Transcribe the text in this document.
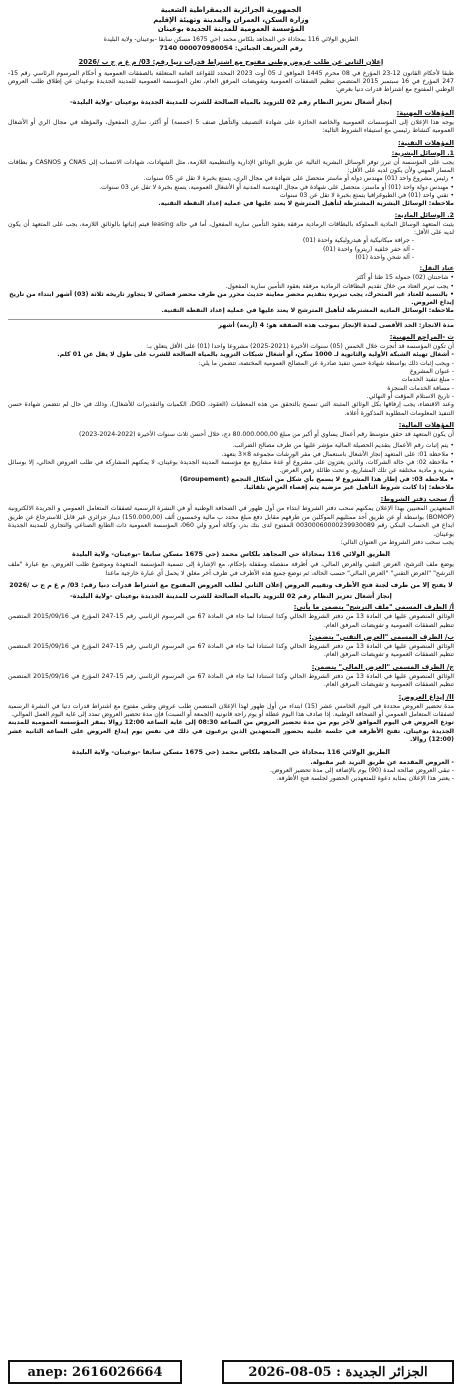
الجمهورية الجزائرية الديمقراطية الشعبية
وزارة السكن، العمران والمدينة وتهيئة الإقليم
المؤسسة العمومية للمدينة الجديدة بوعينان
الطريق الولائي 116 بمحاذاة حي المجاهد بلكاس محمد (حي 1675 مسكن سابقا -بوعينان- ولاية البليدة
رقم التعريف الجبائي: 000070980054 7140
إعلان الثاني عن طلب عروض وطني مفتوح مع اشتراط قدرات دنيا رقم: 03/ م ع م ج ب /2026

طبقا لأحكام القانون 12-23 المؤرخ في 08 محرم 1445 الموافق لـ 05 أوت 2023 المحدد للقواعد العامة المتعلقة بالصفقات العمومية و أحكام المرسوم الرئاسي رقم 15-247 المؤرخ في 16 سبتمبر 2015 المتضمن تنظيم الصفقات العمومية وتفويضات المرفق العام، تعلن المؤسسة العمومية للمدينة الجديدة بوعينان عن إطلاق طلب العروض الوطني المفتوح مع اشتراط قدرات دنيا بغرض:

إنجاز أشغال تعزيز النظام رقم 02 للتزويد بالمياه الصالحة للشرب للمدينة الجديدة بوعينان -ولاية البليدة-
المؤهلات المهنية:

يوجه هذا الإعلان إلى المؤسسات العمومية والخاصة الحائزة على شهادة التصنيف والتأهيل صنف 5 (خمسة) أو أكثر، ساري المفعول، والمؤهلة في مجال الري أو الأشغال العمومية كنشاط رئيسي مع استيفاء الشروط التالية:

المؤهلات التقنية:
1. الوسائل البشرية:

يجب على المؤسسة أن تبرر توفر الوسائل البشرية التالية عن طريق الوثائق الإدارية والتنظيمية اللازمة، مثل الشهادات، شهادات الانتساب إلى CNAS و CASNOS و بطاقات المسار المهني ولأن يكون لديه على الأقل:

• رئيس مشروع واحد (01) مهندس دولة أو ماستر متحصل على شهادة في مجال الري، يتمتع بخبرة لا تقل عن 05 سنوات.

• مهندس دولة واحد (01) أو ماستر، متحصل على شهادة في مجال الهندسة المدنية أو الأشغال العمومية، يتمتع بخبرة لا تقل عن 03 سنوات.

• تقني واحد (01) في الطبوغرافيا يتمتع بخبرة لا تقل عن 03 سنوات

ملاحظة: الوسائل البشرية المشترطة لتأهيل المترشح لا يعتد عليها في عملية إعداد النقطة التقنية.

2. الوسائل المادية:

يثبت المتعهد الوسائل المادية المملوكة بالبطاقات الرمادية مرفقة بعقود التأمين سارية المفعول، أما في حالة leasing فيتم إثباتها بالوثائق اللازمة، يجب على المتعهد أن يكون لديه على الأقل:

- جرافة ميكانيكية أو هيدروليكية واحدة (01)

- آلة حفر خلفية (ريترو) واحدة (01)

- آلة شحن واحدة (01)

عتاد النقل:

• شاحنتان (02) حمولة 15 طنا أو أكثر

• يجب تبرير العتاد من خلال تقديم البطاقات الرمادية مرفقة بعقود التأمين سارية المفعول.

• بالنسبة للعتاد غير المتحرك، يجب تبريره بتقديم محضر معاينة حديث محرر من طرف محضر قضائي لا يتجاوز تاريخه ثلاثة (03) أشهر ابتداء من تاريخ إيداع العروض.

ملاحظة: الوسائل المادية المشترطة لتأهيل المترشح لا يعتد عليها في عملية إعداد النقطة التقنية.

مدة الانجاز: الحد الأقصى لمدة الإنجاز بموجب هذه الصفقة هو: 4 (أربعة) أشهر

ث -المراجع المهنية:

أن تكون المؤسسة قد أنجزت خلال الخمس (05) سنوات الأخيرة (2021-2025) مشروعا واحدا (01) على الأقل يتعلق بـ:

- أشغال تهيئة الشبكة الأولية والثانوية لـ 1000 سكن، أو أشغال شبكات التزويد بالمياه الصالحة للشرب على طول لا يقل عن 01 كلم.

- ويجب إثبات ذلك بواسطة شهادة حسن تنفيذ صادرة عن المصالح العمومية المختصة، تتضمن ما يلي:

- عنوان المشروع

- مبلغ تنفيذ الخدمات

- مسافة الخدمات المنجزة

- تاريخ الاستلام المؤقت أو النهائي.

وعند الاقتضاء، يجب إرفاقها بكل الوثائق المثبتة التي تسمح بالتحقق من هذه المعطيات (العقود، DGD، الكميات والتقديرات للأشغال)، وذلك في حال لم تتضمن شهادة حسن التنفيذ المعلومات المطلوبة المذكورة أعلاه.

المؤهلات المالية:

أن يكون المتعهد قد حقق متوسط رقم أعمال يساوي أو أكبر من مبلغ 80.000.000,00 دج، خلال أحسن ثلاث سنوات الأخيرة (2022-2024-2023)

• يتم إثبات رقم الأعمال بتقديم الحصيلة المالية مؤشر عليها من طرف مصالح الضرائب.

• ملاحظة 01: على المتعهد إنجاز الأشغال باستعمال في مقر الورشات مجموعة 8×3 بتعهد.

• ملاحظة 02: في حالة الشركات، والذين يعتزون على مشروع أو عدة مشاريع مع مؤسسة المدينة الجديدة بوعينان، لا يمكنهم المشاركة في طلب العروض الحالي، إلا بوسائل بشرية و مادية مختلفة عن تلك المشاريع، و تحت طائلة رفض العرض.

• ملاحظة 03: في إطار هذا المشروع لا يسمح بأي شكل من أشكال التجمع (Groupement)

ملاحظة: إذا كانت شروط التأهيل غير مرضية يتم إقصاء العرض تلقائيا.

أ/ سحب دفتر الشروط:

المتعهدين المعنيين بهذا الإعلان يمكنهم سحب دفتر الشروط ابتداء من أول ظهور في الصحافة الوطنية أو في النشرة الرسمية لصفقات المتعامل العمومي و الجريدة الالكترونية (BOMOP) بواسطة أو عن طريق أحد ممثليهم الموكلين من طرفهم مقابل دفع مبلغ محدد ب مالية وخمسون ألف (150.000,00) دينار جزائري غير قابل للاسترجاع عن طريق ايداع في الحساب البنكي رقم 00300060000239930089 المفتوح لدى بنك بدر، وكالة أمرو ولي 060، المؤسسة العمومية ذات الطابع الصناعي والتجاري للمدينة الجديدة بوعينان.

يجب سحب دفتر الشروط من العنوان التالي:

الطريق الولائي 116 بمحاذاة حي المجاهد بلكاس محمد (حي 1675 مسكن سابقا -بوعينان- ولاية البليدة

يوضع ملف الترشح، العرض التقني والعرض المالي، في أظرفة منفصلة ومقفلة بإحكام، مع الإشارة إلى تسمية المؤسسة المتعهدة وموضوع طلب العروض، مع عبارة "ملف الترشح" "العرض التقني" "العرض المالي" حسب الحالة، ثم توضع جميع هذه الأظرف في ظرف آخر مغلق لا يحمل أي عبارة خارجية ماعدا

لا يفتح إلا من طرف لجنة فتح الأظرف وتقييم العروض إعلان الثاني لطلب العروض المفتوح مع اشتراط قدرات دنيا رقم: 03/ م ع م ج ب /2026
إنجاز أشغال تعزيز النظام رقم 02 للتزويد بالمياه الصالحة للشرب للمدينة الجديدة بوعينان -ولاية البليدة-
أ/ الظرف المسمى "ملف الترشح" يتضمن ما يأتي:

الوثائق المنصوص عليها في المادة 13 من دفتر الشروط الحالي وكذا استنادا لما جاء في المادة 67 من المرسوم الرئاسي رقم 15-247 المؤرخ في 2015/09/16 المتضمن تنظيم الصفقات العمومية و تفويضات المرفق العام.

ب/ الظرف المسمى "العرض التقني" يتضمن:

الوثائق المنصوص عليها في المادة 13 من دفتر الشروط الحالي وكذا استنادا لما جاء في المادة 67 من المرسوم الرئاسي رقم 15-247 المؤرخ في 2015/09/16 المتضمن تنظيم الصفقات العمومية و تفويضات المرفق العام.

ج/ الظرف المسمى "العرض المالي" يتضمن:

الوثائق المنصوص عليها في المادة 13 من دفتر الشروط الحالي وكذا استنادا لما جاء في المادة 67 من المرسوم الرئاسي رقم 15-247 المؤرخ في 2015/09/16 المتضمن تنظيم الصفقات العمومية و تفويضات المرفق العام.

II/ إيداع العروض:

مدة تحضير العروض محددة في اليوم الخامس عشر (15) ابتداء من أول ظهور لهذا الإعلان المتضمن طلب عروض وطني مفتوح مع اشتراط قدرات دنيا في النشرة الرسمية لصفقات المتعامل العمومي أو الصحافة الوطنية. إذا صادف هذا اليوم عطلة أو يوم راحة قانونية (الجمعة أو السبت) فإن مدة تحضير العروض تمدد إلى غاية اليوم العمل الموالي.

تودع العروض في اليوم الموافق لآخر يوم من مدة تحضير العروض من الساعة 08:30 إلى غاية الساعة 12:00 زوالا بمقر المؤسسة العمومية للمدينة الجديدة بوعينان. تفتح الأظرفة في جلسة علنية بحضور المتعهدين الذين يرغبون في ذلك في نفس يوم إيداع العروض على الساعة الثانية عشر (12:00) زوالا.

الطريق الولائي 116 بمحاذاة حي المجاهد بلكاس محمد (حي 1675 مسكن سابقا -بوعينان- ولاية البليدة

- العروض المقدمة عن طريق البريد غير مقبولة.

- تبقى العروض صالحة لمدة (90) يوم بالإضافة إلى مدة تحضير العروض.

- يعتبر هذا الإعلان بمثابة دعوة للمتعهدين الحضور لجلسة فتح الأظرفة.

anep: 2616026664	الجزائر الجديدة : 05-08-2026
